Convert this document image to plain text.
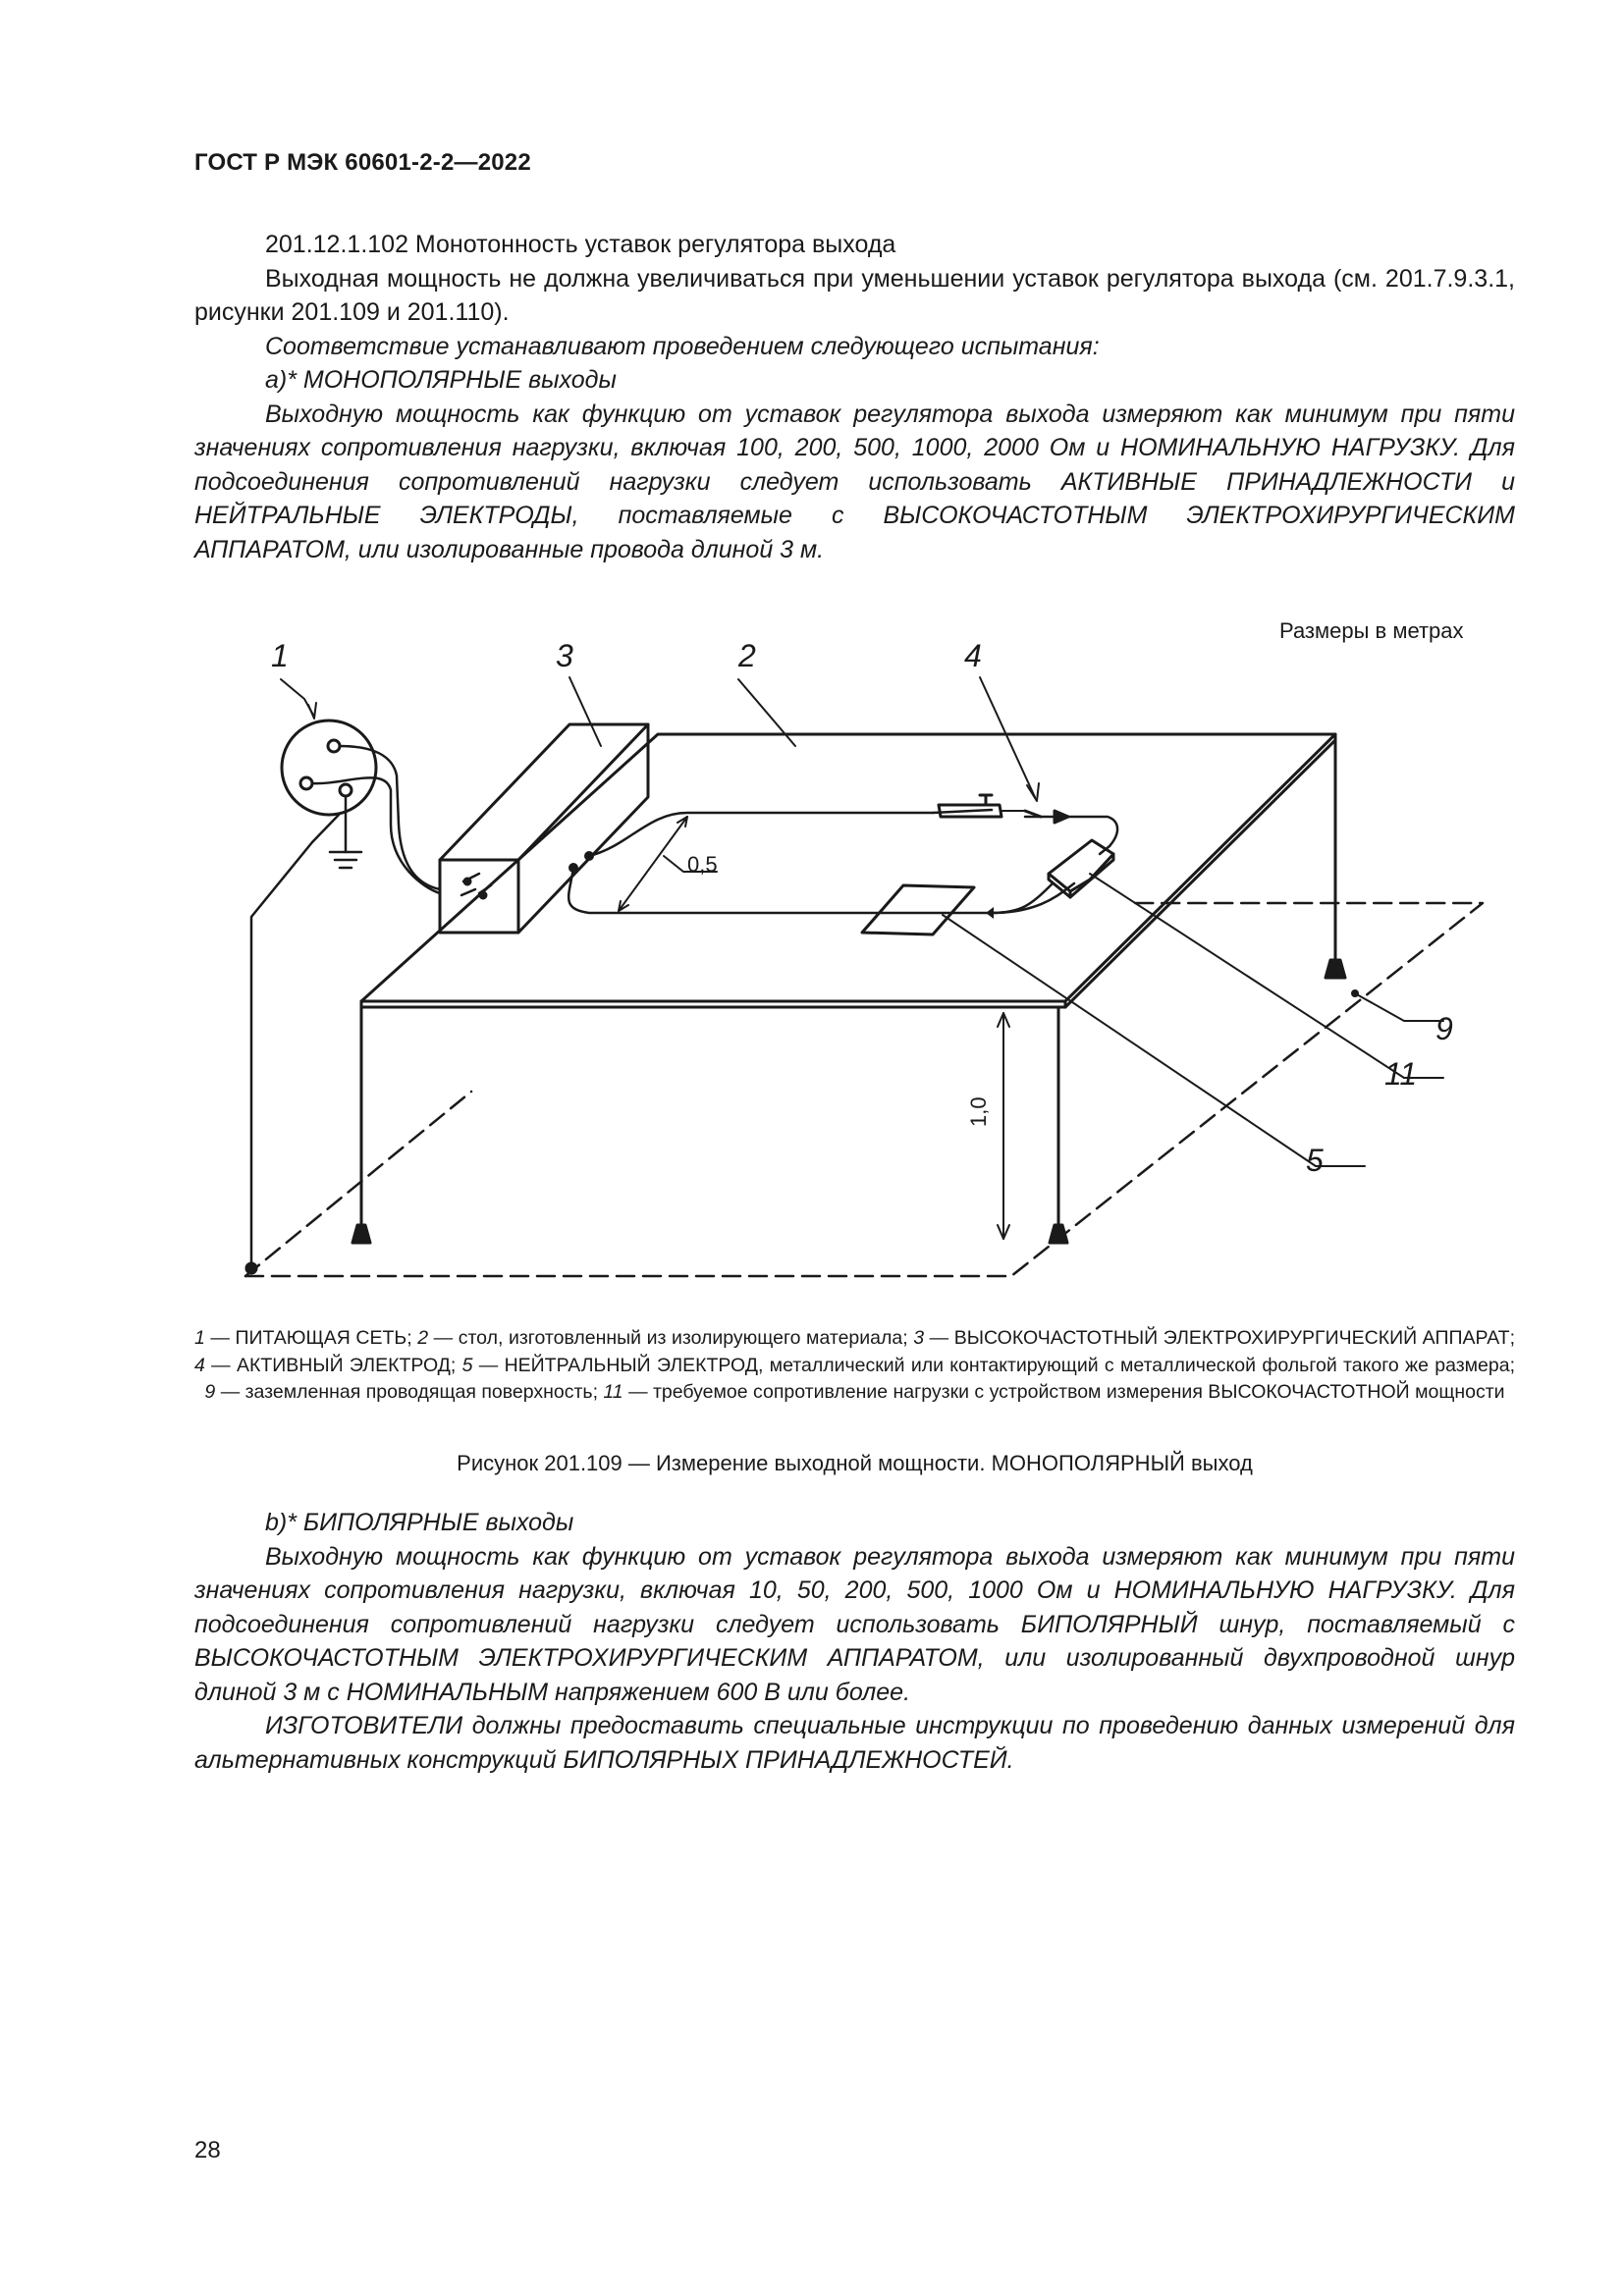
ГОСТ Р МЭК 60601-2-2—2022

201.12.1.102 Монотонность уставок регулятора выхода

Выходная мощность не должна увеличиваться при уменьшении уставок регулятора выхода (см. 201.7.9.3.1, рисунки 201.109 и 201.110).

Соответствие устанавливают проведением следующего испытания:

a)* МОНОПОЛЯРНЫЕ выходы

Выходную мощность как функцию от уставок регулятора выхода измеряют как минимум при пяти значениях сопротивления нагрузки, включая 100, 200, 500, 1000, 2000 Ом и НОМИНАЛЬНУЮ НАГРУЗКУ. Для подсоединения сопротивлений нагрузки следует использовать АКТИВНЫЕ ПРИНАДЛЕЖНОСТИ и НЕЙТРАЛЬНЫЕ ЭЛЕКТРОДЫ, поставляемые с ВЫСОКОЧАСТОТНЫМ ЭЛЕКТРОХИРУРГИЧЕСКИМ АППАРАТОМ, или изолированные провода длиной 3 м.

1	3	2	4
9
11
5
0,5
1,0
Размеры в метрах
1 — ПИТАЮЩАЯ СЕТЬ; 2 — стол, изготовленный из изолирующего материала; 3 — ВЫСОКОЧАСТОТНЫЙ ЭЛЕКТРОХИРУРГИЧЕСКИЙ АППАРАТ; 4 — АКТИВНЫЙ ЭЛЕКТРОД; 5 — НЕЙТРАЛЬНЫЙ ЭЛЕКТРОД, металлический или контактирующий с металлической фольгой такого же размера; 9 — заземленная проводящая поверхность; 11 — требуемое сопротивление нагрузки с устройством измерения ВЫСОКОЧАСТОТНОЙ мощности
Рисунок 201.109 — Измерение выходной мощности. МОНОПОЛЯРНЫЙ выход

b)* БИПОЛЯРНЫЕ выходы

Выходную мощность как функцию от уставок регулятора выхода измеряют как минимум при пяти значениях сопротивления нагрузки, включая 10, 50, 200, 500, 1000 Ом и НОМИНАЛЬНУЮ НАГРУЗКУ. Для подсоединения сопротивлений нагрузки следует использовать БИПОЛЯРНЫЙ шнур, поставляемый с ВЫСОКОЧАСТОТНЫМ ЭЛЕКТРОХИРУРГИЧЕСКИМ АППАРАТОМ, или изолированный двухпроводной шнур длиной 3 м с НОМИНАЛЬНЫМ напряжением 600 В или более.

ИЗГОТОВИТЕЛИ должны предоставить специальные инструкции по проведению данных измерений для альтернативных конструкций БИПОЛЯРНЫХ ПРИНАДЛЕЖНОСТЕЙ.

28
